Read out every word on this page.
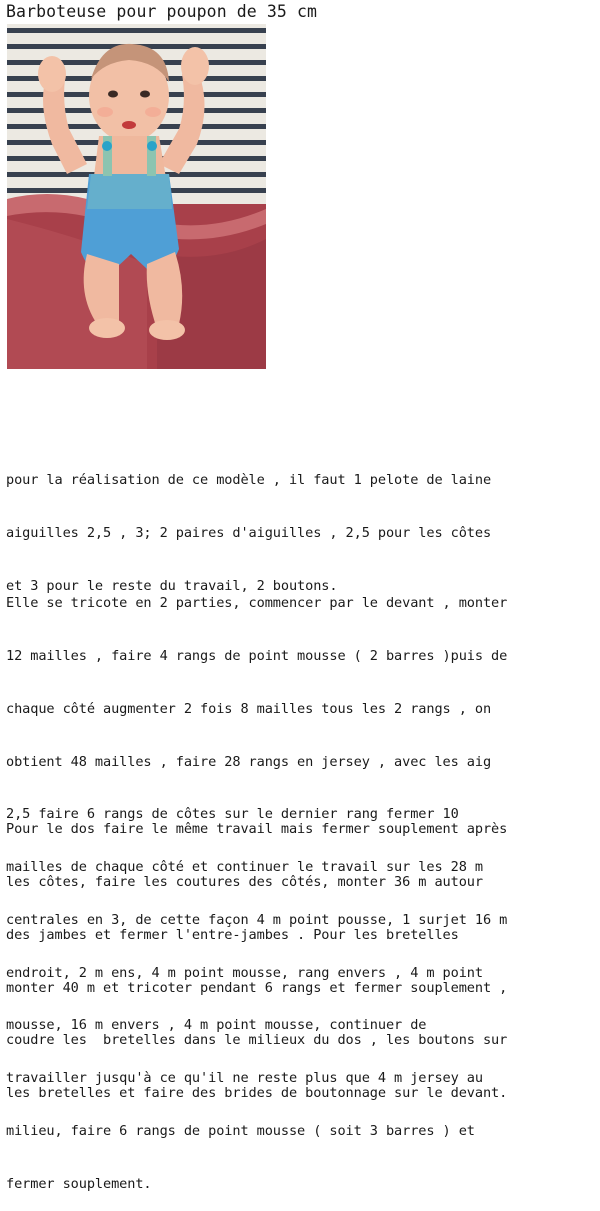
Barboteuse pour poupon de 35 cm

pour la réalisation de ce modèle , il faut 1 pelote de laine

aiguilles 2,5 , 3; 2 paires d'aiguilles , 2,5 pour les côtes

et 3 pour le reste du travail, 2 boutons.

Elle se tricote en 2 parties, commencer par le devant , monter

12 mailles , faire 4 rangs de point mousse ( 2 barres )puis de

chaque côté augmenter 2 fois 8 mailles tous les 2 rangs , on

obtient 48 mailles , faire 28 rangs en jersey , avec les aig

2,5 faire 6 rangs de côtes sur le dernier rang fermer 10

mailles de chaque côté et continuer le travail sur les 28 m

centrales en 3, de cette façon 4 m point pousse, 1 surjet 16 m

endroit, 2 m ens, 4 m point mousse, rang envers , 4 m point

mousse, 16 m envers , 4 m point mousse, continuer de

travailler jusqu'à ce qu'il ne reste plus que 4 m jersey au

milieu, faire 6 rangs de point mousse ( soit 3 barres ) et

fermer souplement.

Pour le dos faire le même travail mais fermer souplement après

les côtes, faire les coutures des côtés, monter 36 m autour

des jambes et fermer l'entre-jambes . Pour les bretelles

monter 40 m et tricoter pendant 6 rangs et fermer souplement ,

coudre les  bretelles dans le milieux du dos , les boutons sur

les bretelles et faire des brides de boutonnage sur le devant.
